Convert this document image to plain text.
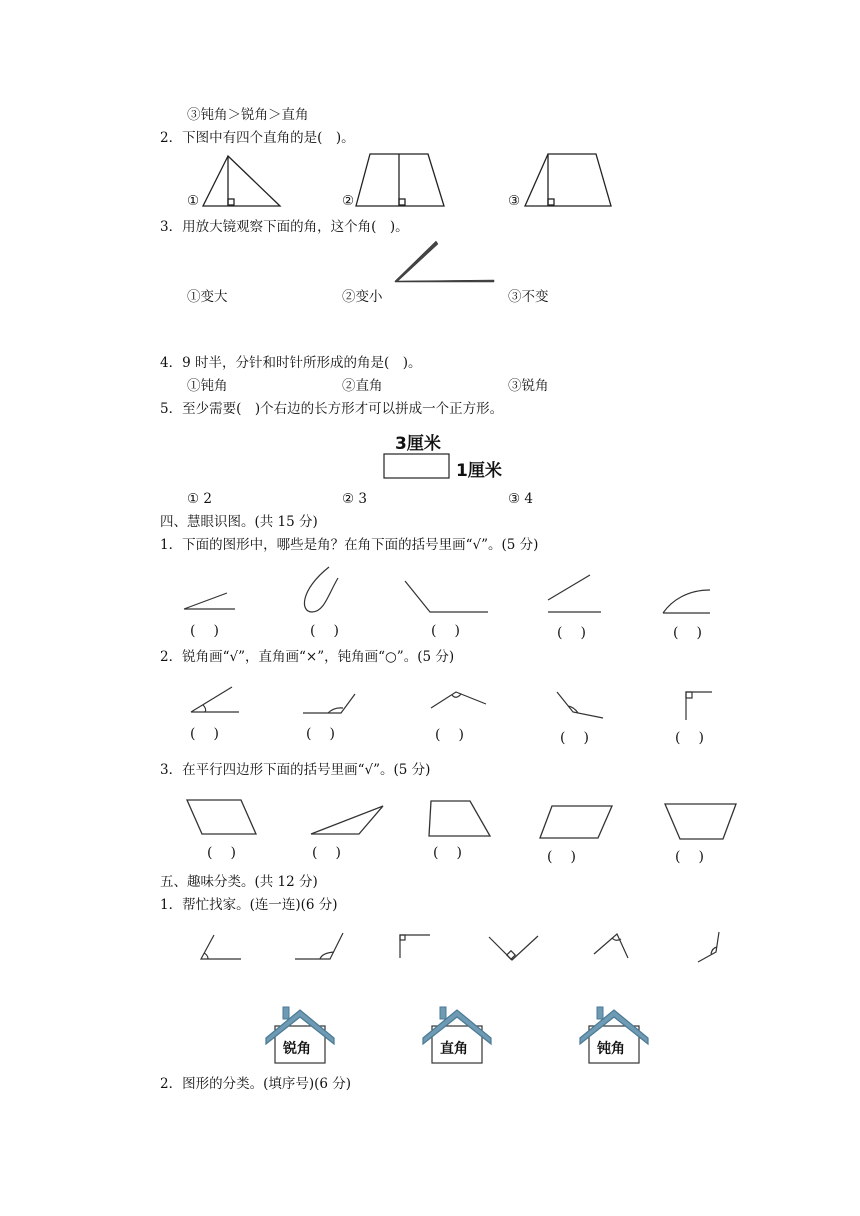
③钝角＞锐角＞直角
2．下图中有四个直角的是(　)。
①	②	③
3．用放大镜观察下面的角，这个角(　)。
①变大	②变小	③不变
4．9 时半，分针和时针所形成的角是(　)。
①钝角	②直角	③锐角
5．至少需要(　)个右边的长方形才可以拼成一个正方形。
3厘米
1厘米
① 2	② 3	③ 4
四、慧眼识图。(共 15 分)
1．下面的图形中，哪些是角？在角下面的括号里画“√”。(5 分)
(　)	(　)	(　)	(　)	(　)
2．锐角画“√”，直角画“×”，钝角画“○”。(5 分)
(　)	(　)	(　)	(　)	(　)
3．在平行四边形下面的括号里画“√”。(5 分)
(　)	(　)	(　)	(　)	(　)
五、趣味分类。(共 12 分)
1．帮忙找家。(连一连)(6 分)
锐角	直角	钝角
2．图形的分类。(填序号)(6 分)
